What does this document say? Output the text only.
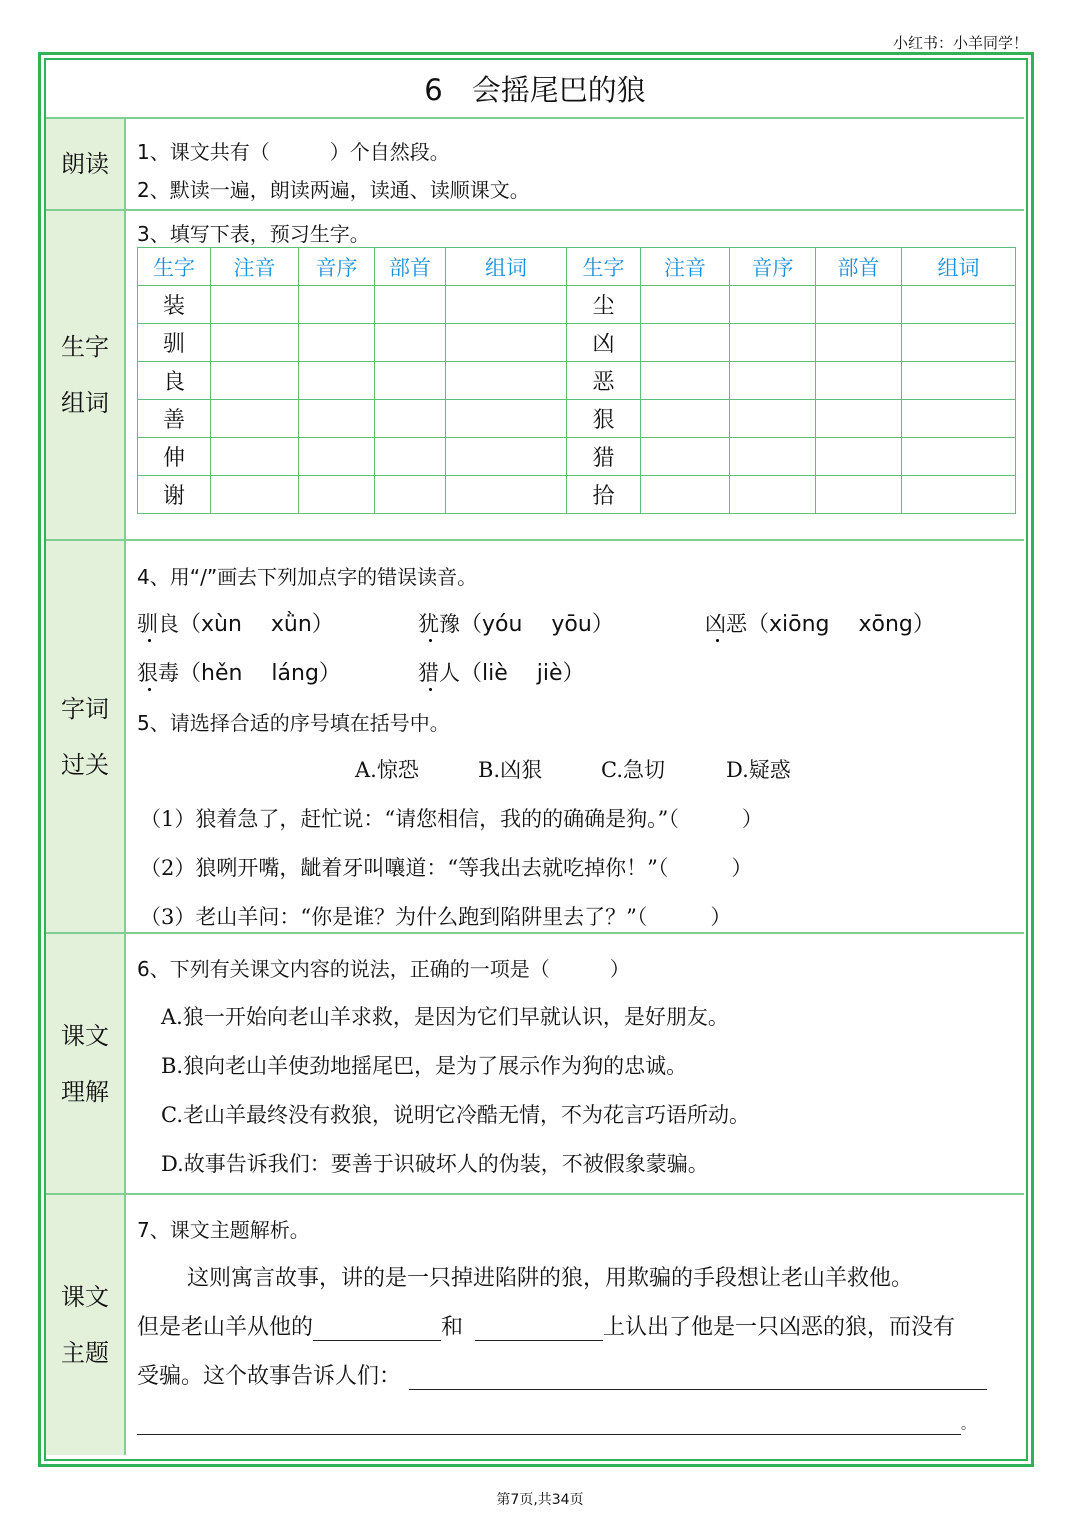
小红书：小羊同学！
6　会摇尾巴的狼
朗读 1、课文共有（　　　）个自然段。
2、默读一遍，朗读两遍，读通、读顺课文。
生字
组词
3、填写下表，预习生字。
生字	注音	音序	部首	组词	生字	注音	音序	部首	组词
装					尘				
驯					凶				
良					恶				
善					狠				
伸					猎				
谢					拾				
字词
过关
4、用“/”画去下列加点字的错误读音。
驯良（xùn　 xǜn）	犹豫（yóu　 yōu）	凶恶（xiōng　 xōng）
狠毒（hěn　 láng）	猎人（liè　 jiè）
5、请选择合适的序号填在括号中。
A.惊恐	B.凶狠	C.急切	D.疑惑
（1）狼着急了，赶忙说：“请您相信，我的的确确是狗。”（　　　）
（2）狼咧开嘴，龇着牙叫嚷道：“等我出去就吃掉你！”（　　　）
（3）老山羊问：“你是谁？为什么跑到陷阱里去了？”（　　　）
课文
理解
6、下列有关课文内容的说法，正确的一项是（　　　）
A.狼一开始向老山羊求救，是因为它们早就认识，是好朋友。
B.狼向老山羊使劲地摇尾巴，是为了展示作为狗的忠诚。
C.老山羊最终没有救狼，说明它冷酷无情，不为花言巧语所动。
D.故事告诉我们：要善于识破坏人的伪装，不被假象蒙骗。
课文
主题
7、课文主题解析。
这则寓言故事，讲的是一只掉进陷阱的狼，用欺骗的手段想让老山羊救他。
但是老山羊从他的	和	上认出了他是一只凶恶的狼，而没有
受骗。这个故事告诉人们：
。
第7页,共34页
